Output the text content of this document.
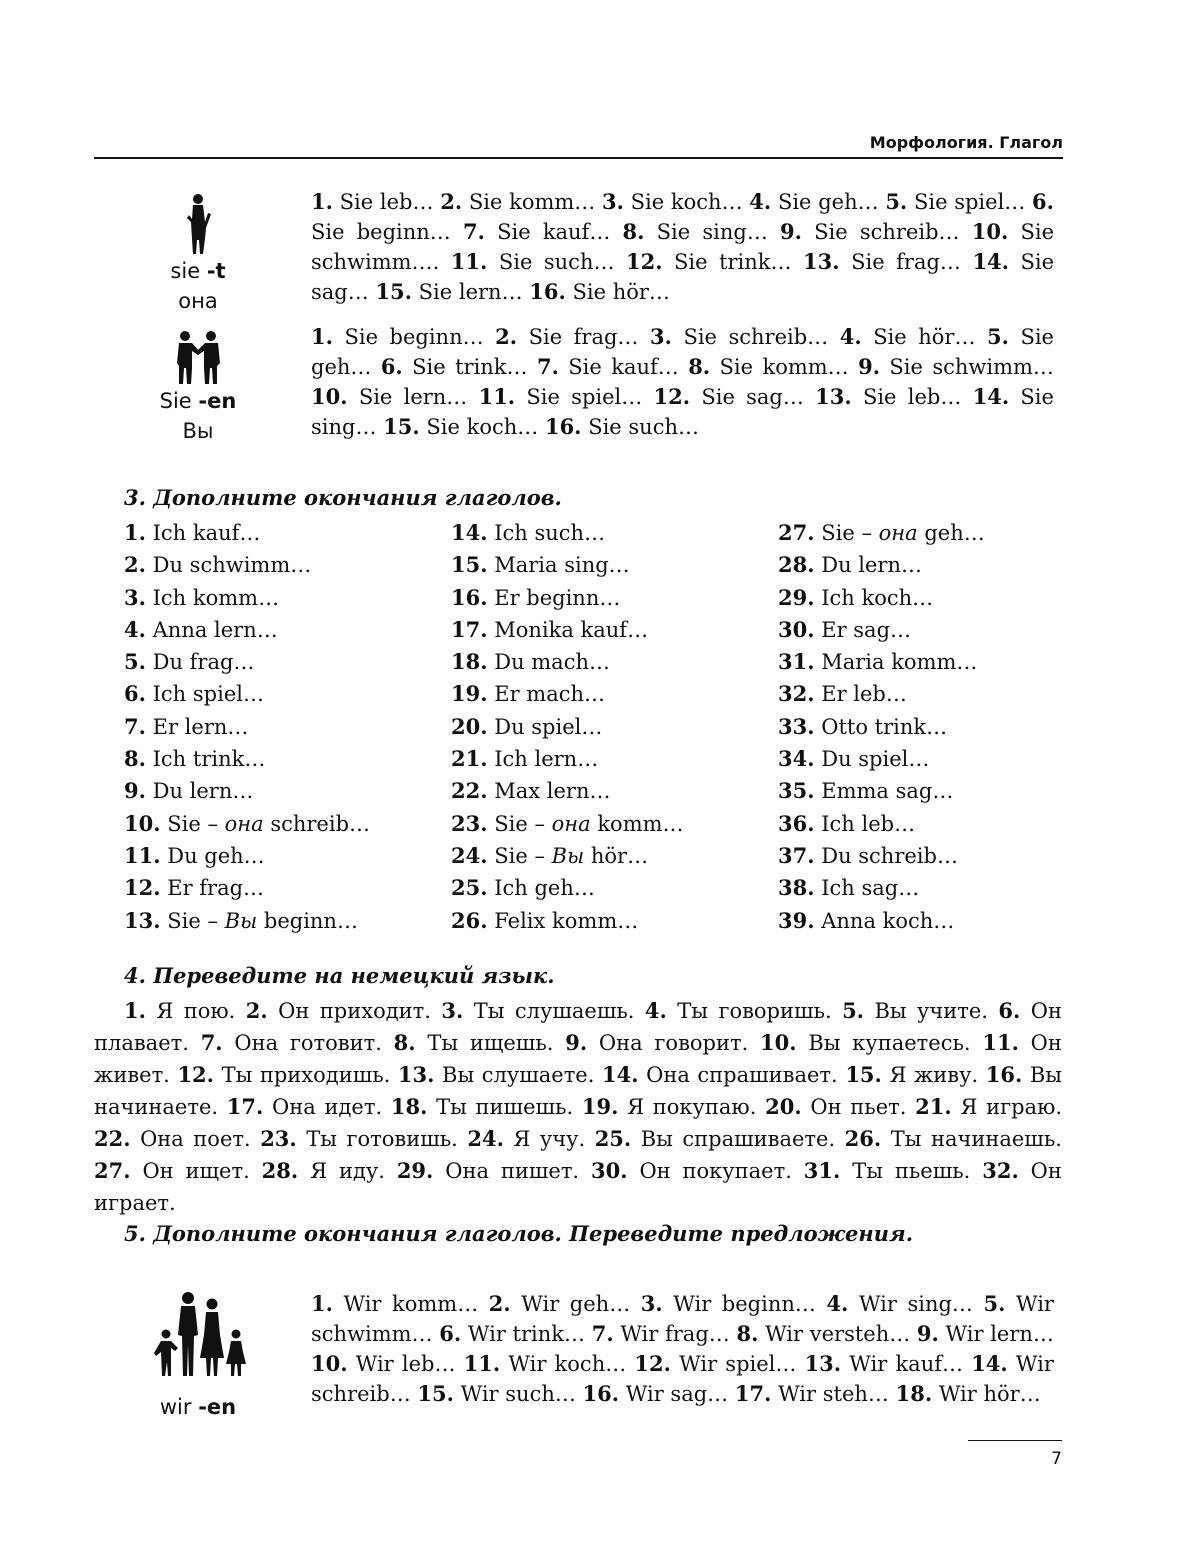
Морфология. Глагол
sie -t
она
Sie -en
Вы
1. Sie leb… 2. Sie komm… 3. Sie koch… 4. Sie geh… 5. Sie spiel… 6. Sie beginn… 7. Sie kauf… 8. Sie sing… 9. Sie schreib… 10. Sie schwimm…. 11. Sie such… 12. Sie trink… 13. Sie frag… 14. Sie sag… 15. Sie lern… 16. Sie hör…
1. Sie beginn… 2. Sie frag… 3. Sie schreib… 4. Sie hör… 5. Sie geh… 6. Sie trink… 7. Sie kauf… 8. Sie komm… 9. Sie schwimm… 10. Sie lern… 11. Sie spiel… 12. Sie sag… 13. Sie leb… 14. Sie sing… 15. Sie koch… 16. Sie such…
3. Дополните окончания глаголов.
1. Ich kauf…
2. Du schwimm…
3. Ich komm…
4. Anna lern…
5. Du frag…
6. Ich spiel…
7. Er lern…
8. Ich trink…
9. Du lern…
10. Sie – она schreib…
11. Du geh…
12. Er frag…
13. Sie – Вы beginn…
14. Ich such…
15. Maria sing…
16. Er beginn…
17. Monika kauf…
18. Du mach…
19. Er mach…
20. Du spiel…
21. Ich lern…
22. Max lern…
23. Sie – она komm…
24. Sie – Вы hör…
25. Ich geh…
26. Felix komm…
27. Sie – она geh…
28. Du lern…
29. Ich koch…
30. Er sag…
31. Maria komm…
32. Er leb…
33. Otto trink…
34. Du spiel…
35. Emma sag…
36. Ich leb…
37. Du schreib…
38. Ich sag…
39. Anna koch…
4. Переведите на немецкий язык.
1. Я пою. 2. Он приходит. 3. Ты слушаешь. 4. Ты говоришь. 5. Вы учите. 6. Он плавает. 7. Она готовит. 8. Ты ищешь. 9. Она говорит. 10. Вы купаетесь. 11. Он живет. 12. Ты приходишь. 13. Вы слушаете. 14. Она спрашивает. 15. Я живу. 16. Вы начинаете. 17. Она идет. 18. Ты пишешь. 19. Я покупаю. 20. Он пьет. 21. Я играю. 22. Она поет. 23. Ты готовишь. 24. Я учу. 25. Вы спрашиваете. 26. Ты начинаешь. 27. Он ищет. 28. Я иду. 29. Она пишет. 30. Он покупает. 31. Ты пьешь. 32. Он играет.
5. Дополните окончания глаголов. Переведите предложения.
wir -en
1. Wir komm… 2. Wir geh… 3. Wir beginn… 4. Wir sing… 5. Wir schwimm… 6. Wir trink… 7. Wir frag… 8. Wir versteh… 9. Wir lern… 10. Wir leb… 11. Wir koch… 12. Wir spiel… 13. Wir kauf… 14. Wir schreib… 15. Wir such… 16. Wir sag… 17. Wir steh… 18. Wir hör…
7
